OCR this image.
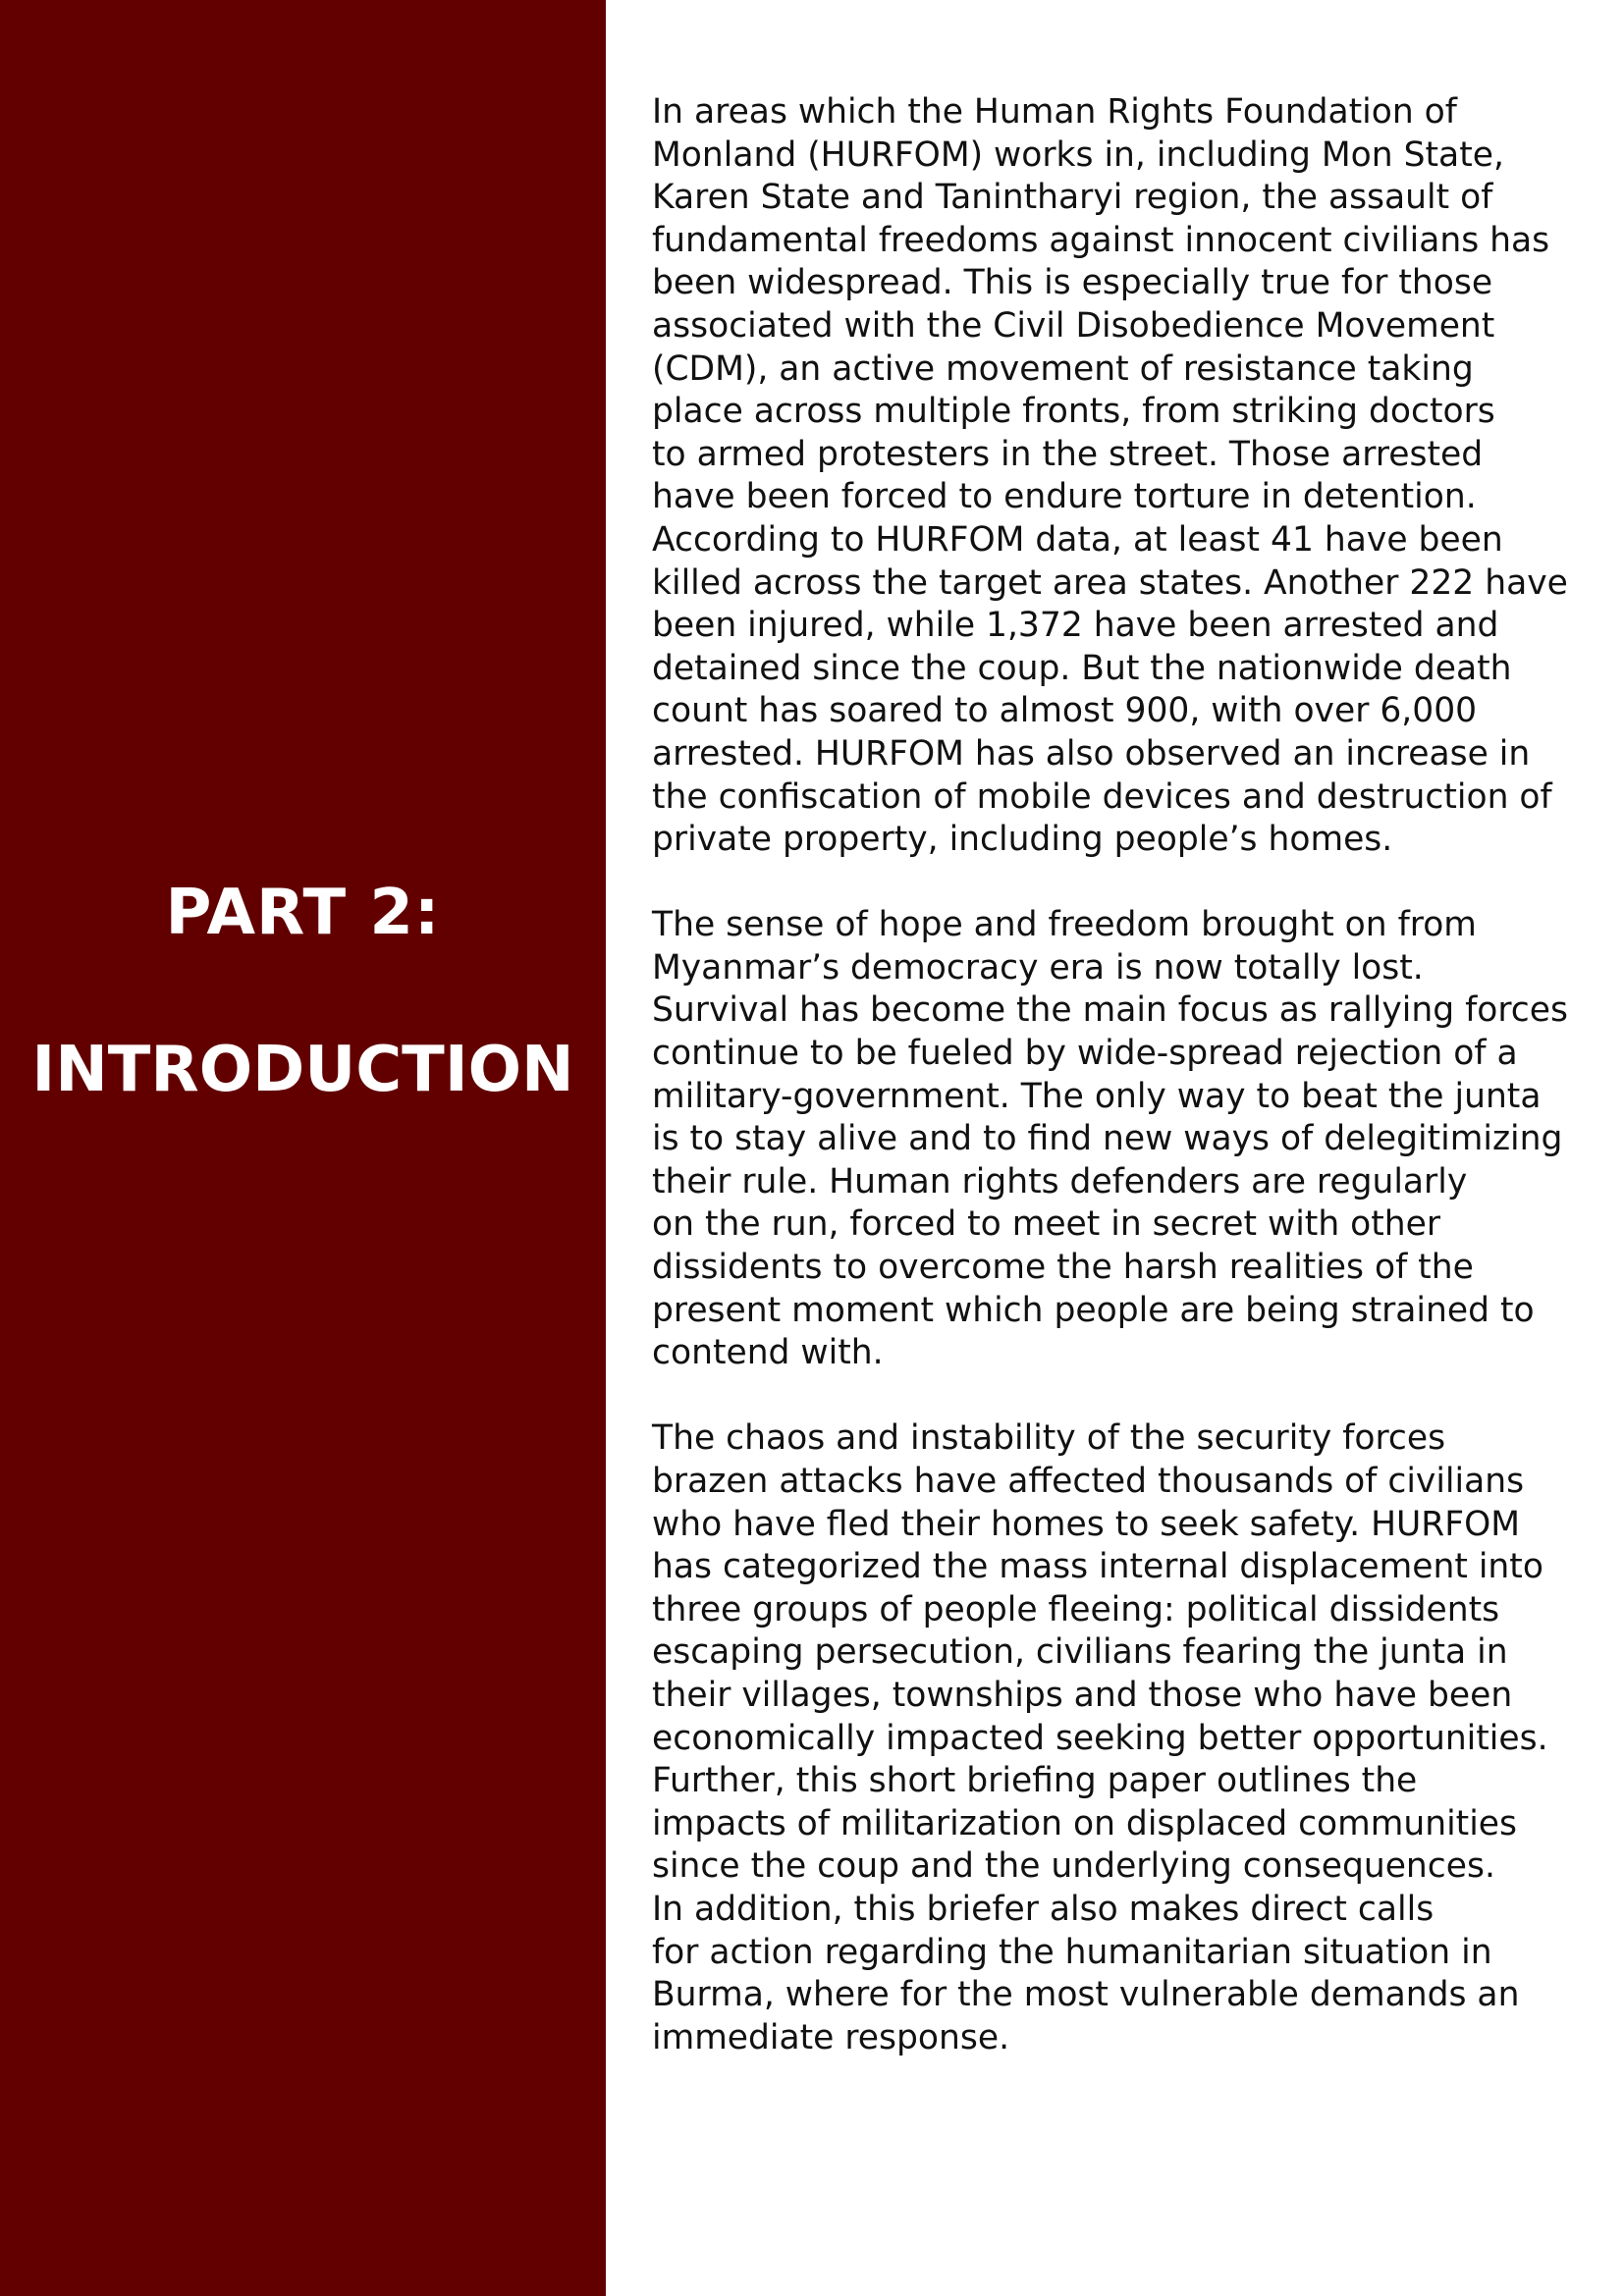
PART 2:
INTRODUCTION

In areas which the Human Rights Foundation of
Monland (HURFOM) works in, including Mon State,
Karen State and Tanintharyi region, the assault of
fundamental freedoms against innocent civilians has
been widespread. This is especially true for those
associated with the Civil Disobedience Movement
(CDM), an active movement of resistance taking
place across multiple fronts, from striking doctors
to armed protesters in the street. Those arrested
have been forced to endure torture in detention.
According to HURFOM data, at least 41 have been
killed across the target area states. Another 222 have
been injured, while 1,372 have been arrested and
detained since the coup. But the nationwide death
count has soared to almost 900, with over 6,000
arrested. HURFOM has also observed an increase in
the confiscation of mobile devices and destruction of
private property, including people’s homes.

The sense of hope and freedom brought on from
Myanmar’s democracy era is now totally lost.
Survival has become the main focus as rallying forces
continue to be fueled by wide-spread rejection of a
military-government. The only way to beat the junta
is to stay alive and to find new ways of delegitimizing
their rule. Human rights defenders are regularly
on the run, forced to meet in secret with other
dissidents to overcome the harsh realities of the
present moment which people are being strained to
contend with.

The chaos and instability of the security forces
brazen attacks have affected thousands of civilians
who have fled their homes to seek safety. HURFOM
has categorized the mass internal displacement into
three groups of people fleeing: political dissidents
escaping persecution, civilians fearing the junta in
their villages, townships and those who have been
economically impacted seeking better opportunities.
Further, this short briefing paper outlines the
impacts of militarization on displaced communities
since the coup and the underlying consequences.
In addition, this briefer also makes direct calls
for action regarding the humanitarian situation in
Burma, where for the most vulnerable demands an
immediate response.
